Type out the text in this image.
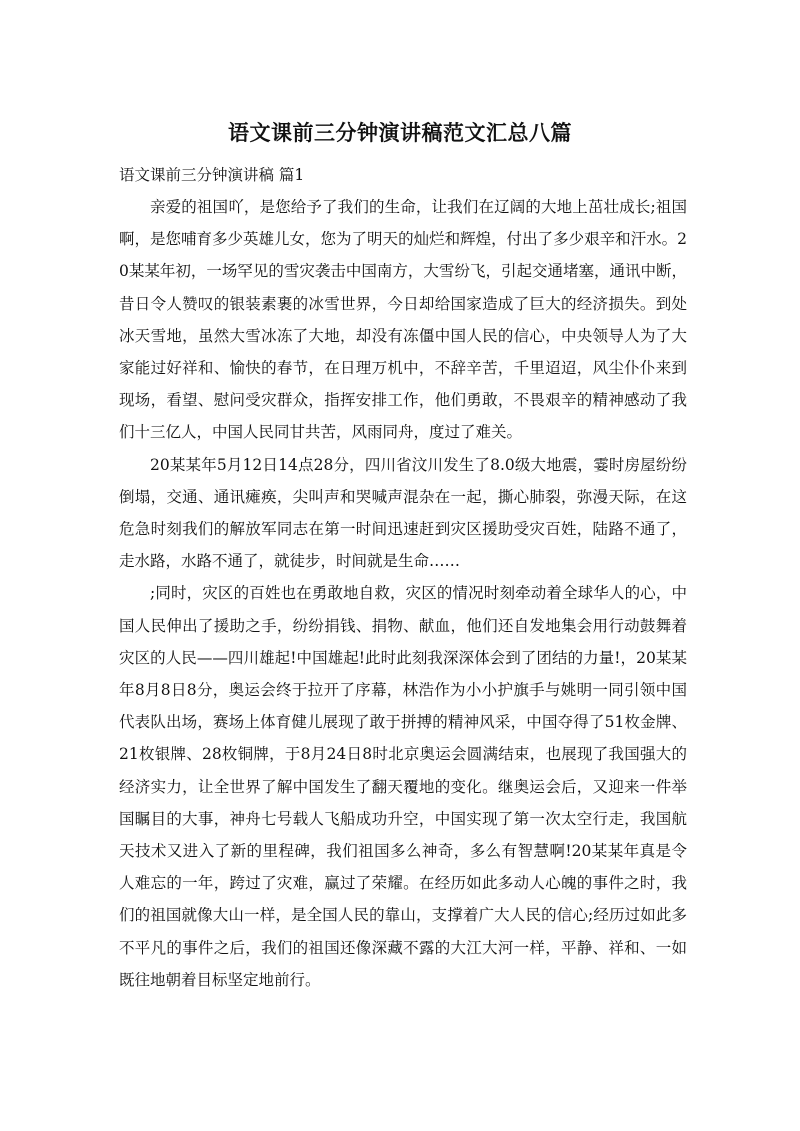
语文课前三分钟演讲稿范文汇总八篇
语文课前三分钟演讲稿 篇1

亲爱的祖国吖，是您给予了我们的生命，让我们在辽阔的大地上茁壮成长;祖国啊，是您哺育多少英雄儿女，您为了明天的灿烂和辉煌，付出了多少艰辛和汗水。20某某年初，一场罕见的雪灾袭击中国南方，大雪纷飞，引起交通堵塞，通讯中断，昔日令人赞叹的银装素裹的冰雪世界，今日却给国家造成了巨大的经济损失。到处冰天雪地，虽然大雪冰冻了大地，却没有冻僵中国人民的信心，中央领导人为了大家能过好祥和、愉快的春节，在日理万机中，不辞辛苦，千里迢迢，风尘仆仆来到现场，看望、慰问受灾群众，指挥安排工作，他们勇敢，不畏艰辛的精神感动了我们十三亿人，中国人民同甘共苦，风雨同舟，度过了难关。

20某某年5月12日14点28分，四川省汶川发生了8.0级大地震，霎时房屋纷纷倒塌，交通、通讯瘫痪，尖叫声和哭喊声混杂在一起，撕心肺裂，弥漫天际，在这危急时刻我们的解放军同志在第一时间迅速赶到灾区援助受灾百姓，陆路不通了，走水路，水路不通了，就徒步，时间就是生命……

;同时，灾区的百姓也在勇敢地自救，灾区的情况时刻牵动着全球华人的心，中国人民伸出了援助之手，纷纷捐钱、捐物、献血，他们还自发地集会用行动鼓舞着灾区的人民——四川雄起!中国雄起!此时此刻我深深体会到了团结的力量!，20某某年8月8日8分，奥运会终于拉开了序幕，林浩作为小小护旗手与姚明一同引领中国代表队出场，赛场上体育健儿展现了敢于拼搏的精神风采，中国夺得了51枚金牌、21枚银牌、28枚铜牌，于8月24日8时北京奥运会圆满结束，也展现了我国强大的经济实力，让全世界了解中国发生了翻天覆地的变化。继奥运会后，又迎来一件举国瞩目的大事，神舟七号载人飞船成功升空，中国实现了第一次太空行走，我国航天技术又进入了新的里程碑，我们祖国多么神奇，多么有智慧啊!20某某年真是令人难忘的一年，跨过了灾难，赢过了荣耀。在经历如此多动人心魄的事件之时，我们的祖国就像大山一样，是全国人民的靠山，支撑着广大人民的信心;经历过如此多不平凡的事件之后，我们的祖国还像深藏不露的大江大河一样，平静、祥和、一如既往地朝着目标坚定地前行。
